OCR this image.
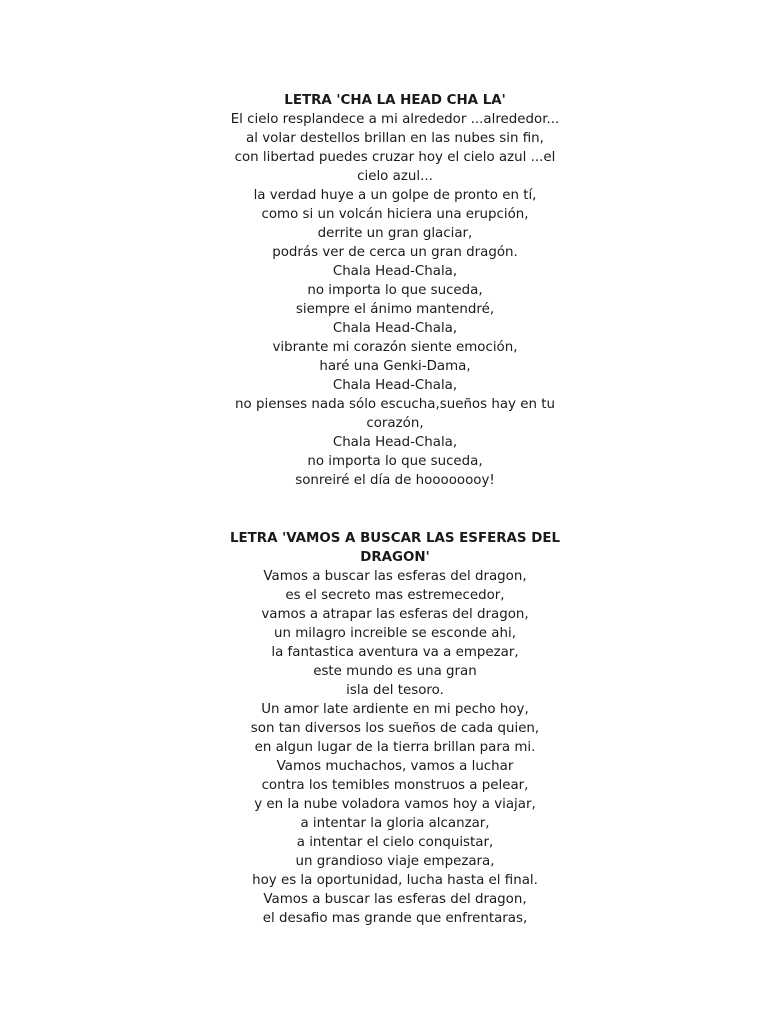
LETRA 'CHA LA HEAD CHA LA'
El cielo resplandece a mi alrededor ...alrededor...
al volar destellos brillan en las nubes sin fin,
con libertad puedes cruzar hoy el cielo azul ...el
cielo azul...
la verdad huye a un golpe de pronto en tí,
como si un volcán hiciera una erupción,
derrite un gran glaciar,
podrás ver de cerca un gran dragón.
Chala Head-Chala,
no importa lo que suceda,
siempre el ánimo mantendré,
Chala Head-Chala,
vibrante mi corazón siente emoción,
haré una Genki-Dama,
Chala Head-Chala,
no pienses nada sólo escucha,sueños hay en tu
corazón,
Chala Head-Chala,
no importa lo que suceda,
sonreiré el día de hoooooooy!
LETRA 'VAMOS A BUSCAR LAS ESFERAS DEL DRAGON'
Vamos a buscar las esferas del dragon,
es el secreto mas estremecedor,
vamos a atrapar las esferas del dragon,
un milagro increible se esconde ahi,
la fantastica aventura va a empezar,
este mundo es una gran
isla del tesoro.
Un amor late ardiente en mi pecho hoy,
son tan diversos los sueños de cada quien,
en algun lugar de la tierra brillan para mi.
Vamos muchachos, vamos a luchar
contra los temibles monstruos a pelear,
y en la nube voladora vamos hoy a viajar,
a intentar la gloria alcanzar,
a intentar el cielo conquistar,
un grandioso viaje empezara,
hoy es la oportunidad, lucha hasta el final.
Vamos a buscar las esferas del dragon,
el desafio mas grande que enfrentaras,
